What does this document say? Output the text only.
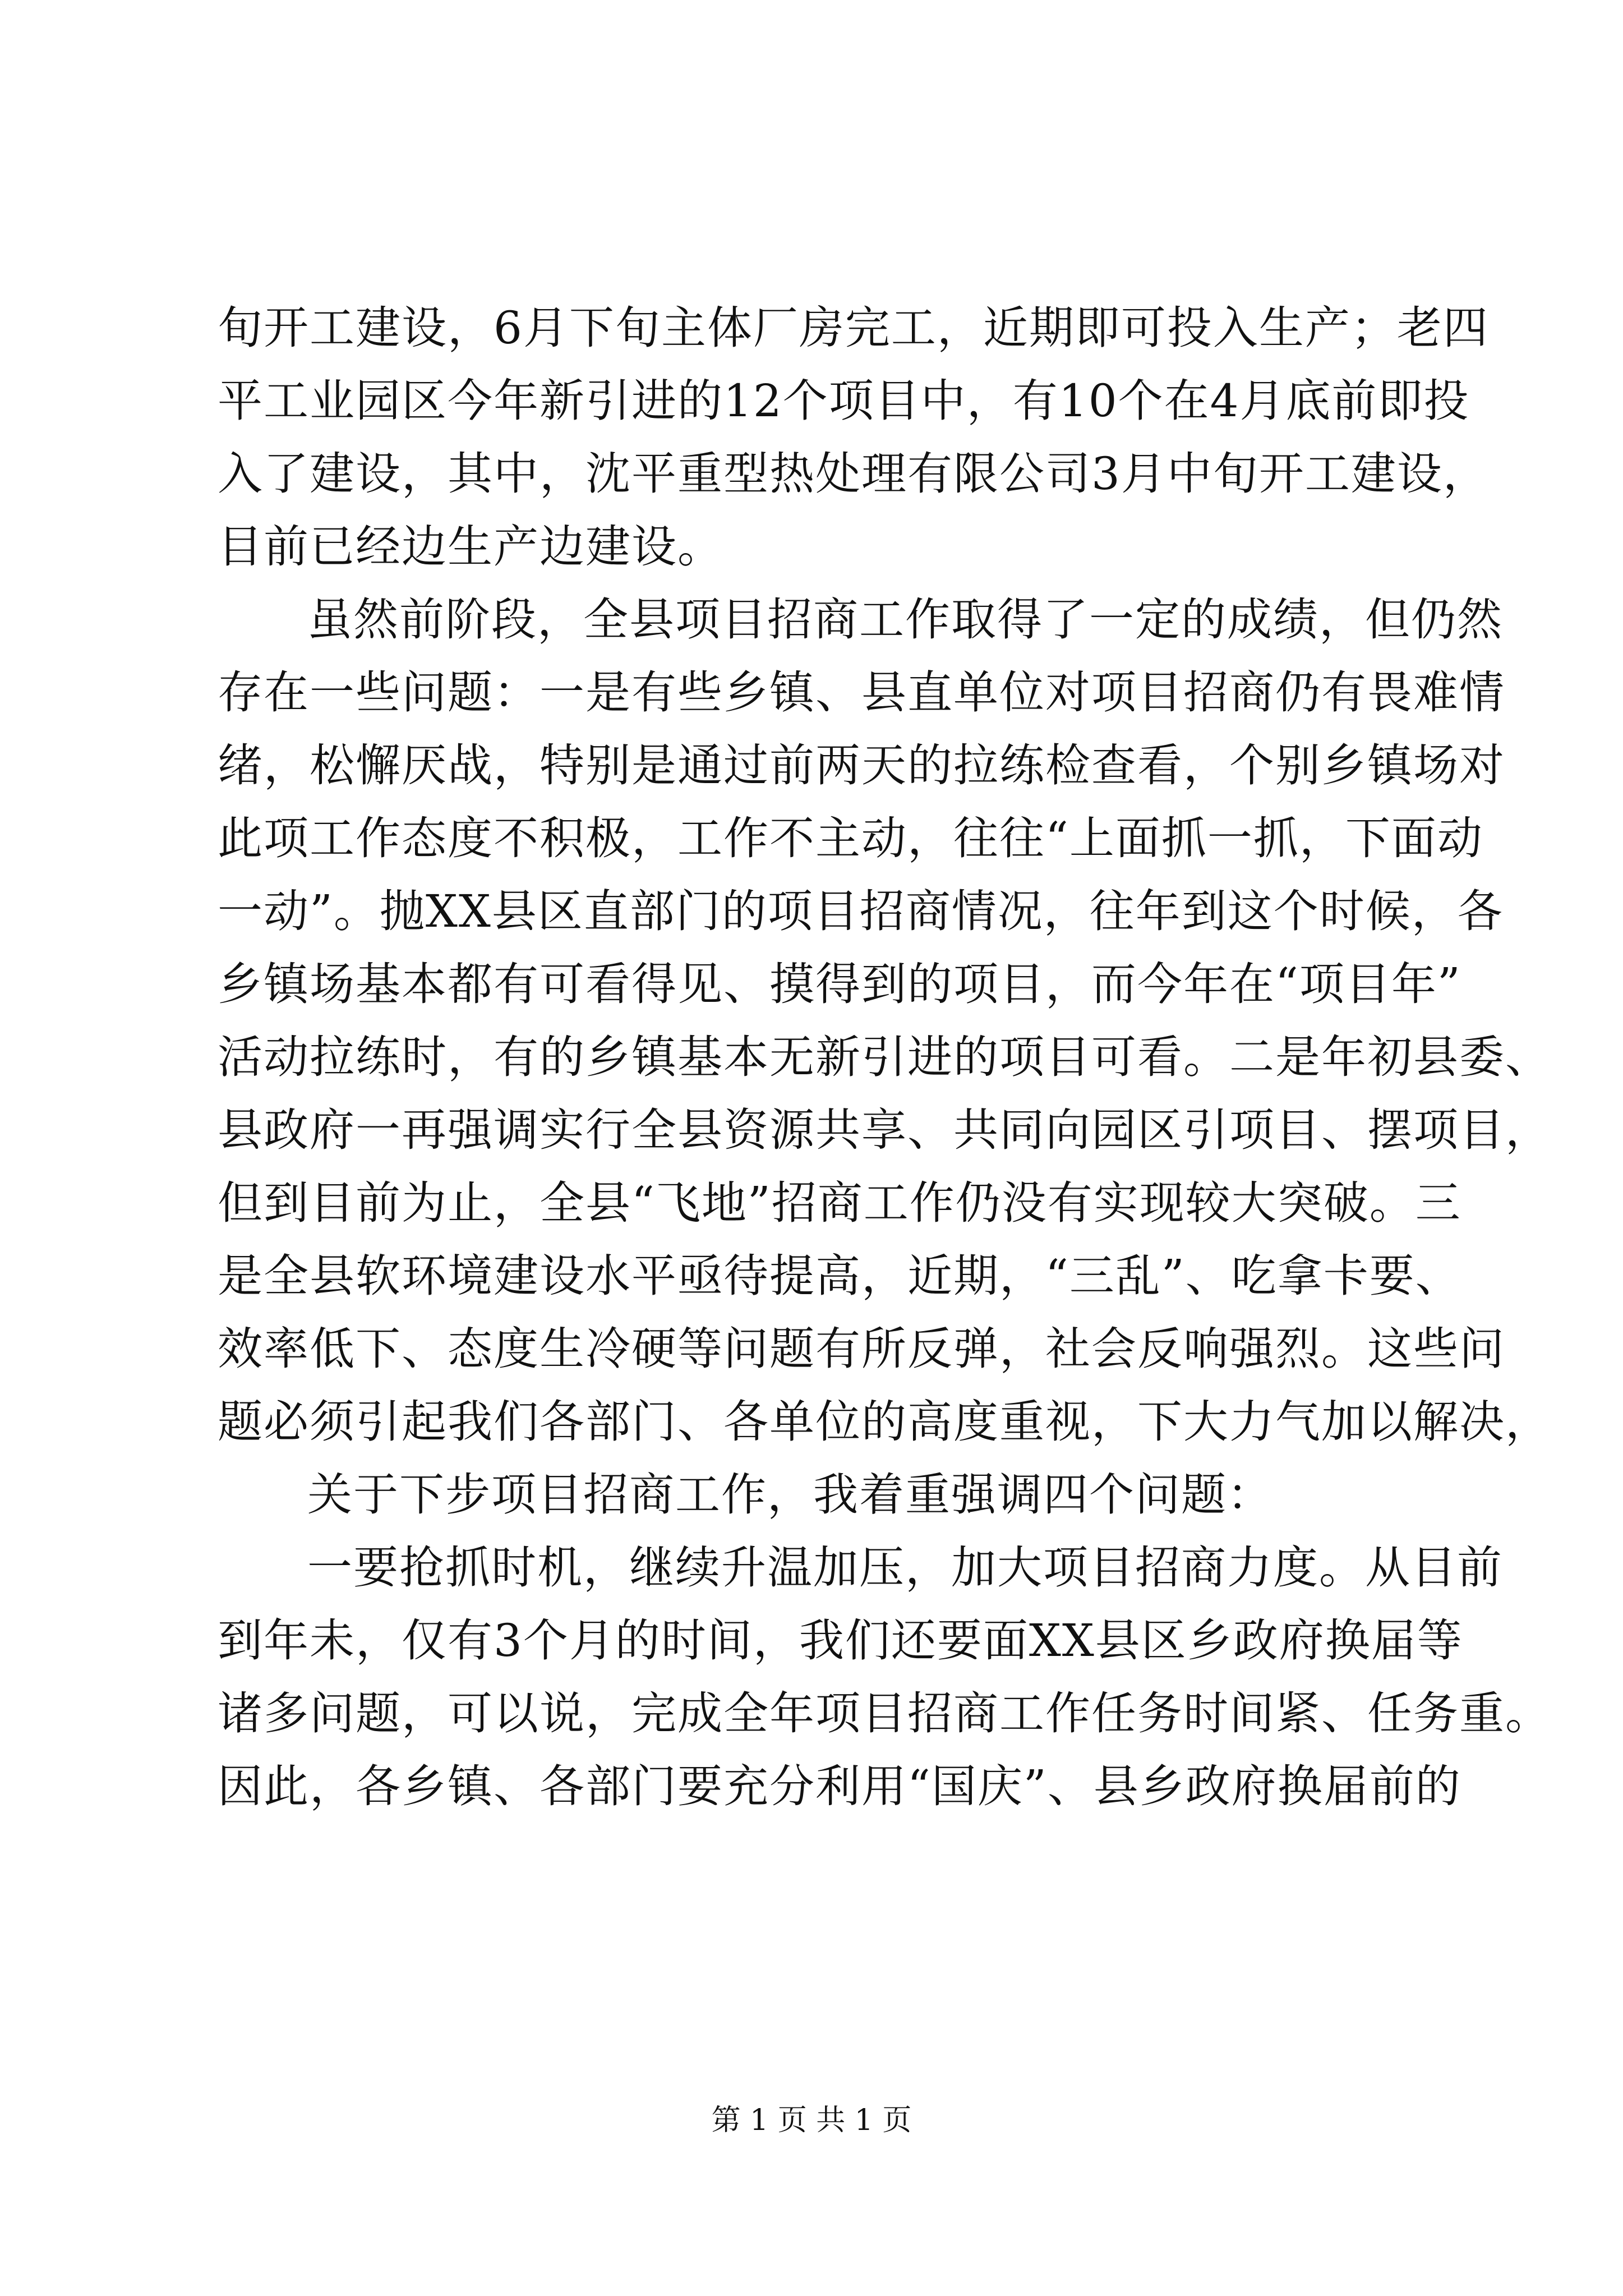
旬开工建设，6月下旬主体厂房完工，近期即可投入生产；老四
平工业园区今年新引进的12个项目中，有10个在4月底前即投
入了建设，其中，沈平重型热处理有限公司3月中旬开工建设，
目前已经边生产边建设。
虽然前阶段，全县项目招商工作取得了一定的成绩，但仍然
存在一些问题：一是有些乡镇、县直单位对项目招商仍有畏难情
绪，松懈厌战，特别是通过前两天的拉练检查看，个别乡镇场对
此项工作态度不积极，工作不主动，往往“上面抓一抓，下面动
一动”。抛XX县区直部门的项目招商情况，往年到这个时候，各
乡镇场基本都有可看得见、摸得到的项目，而今年在“项目年”
活动拉练时，有的乡镇基本无新引进的项目可看。二是年初县委、
县政府一再强调实行全县资源共享、共同向园区引项目、摆项目，
但到目前为止，全县“飞地”招商工作仍没有实现较大突破。三
是全县软环境建设水平亟待提高，近期，“三乱”、吃拿卡要、
效率低下、态度生冷硬等问题有所反弹，社会反响强烈。这些问
题必须引起我们各部门、各单位的高度重视，下大力气加以解决，
关于下步项目招商工作，我着重强调四个问题：
一要抢抓时机，继续升温加压，加大项目招商力度。从目前
到年未，仅有3个月的时间，我们还要面XX县区乡政府换届等
诸多问题，可以说，完成全年项目招商工作任务时间紧、任务重。
因此，各乡镇、各部门要充分利用“国庆”、县乡政府换届前的
第 1 页 共 1 页
